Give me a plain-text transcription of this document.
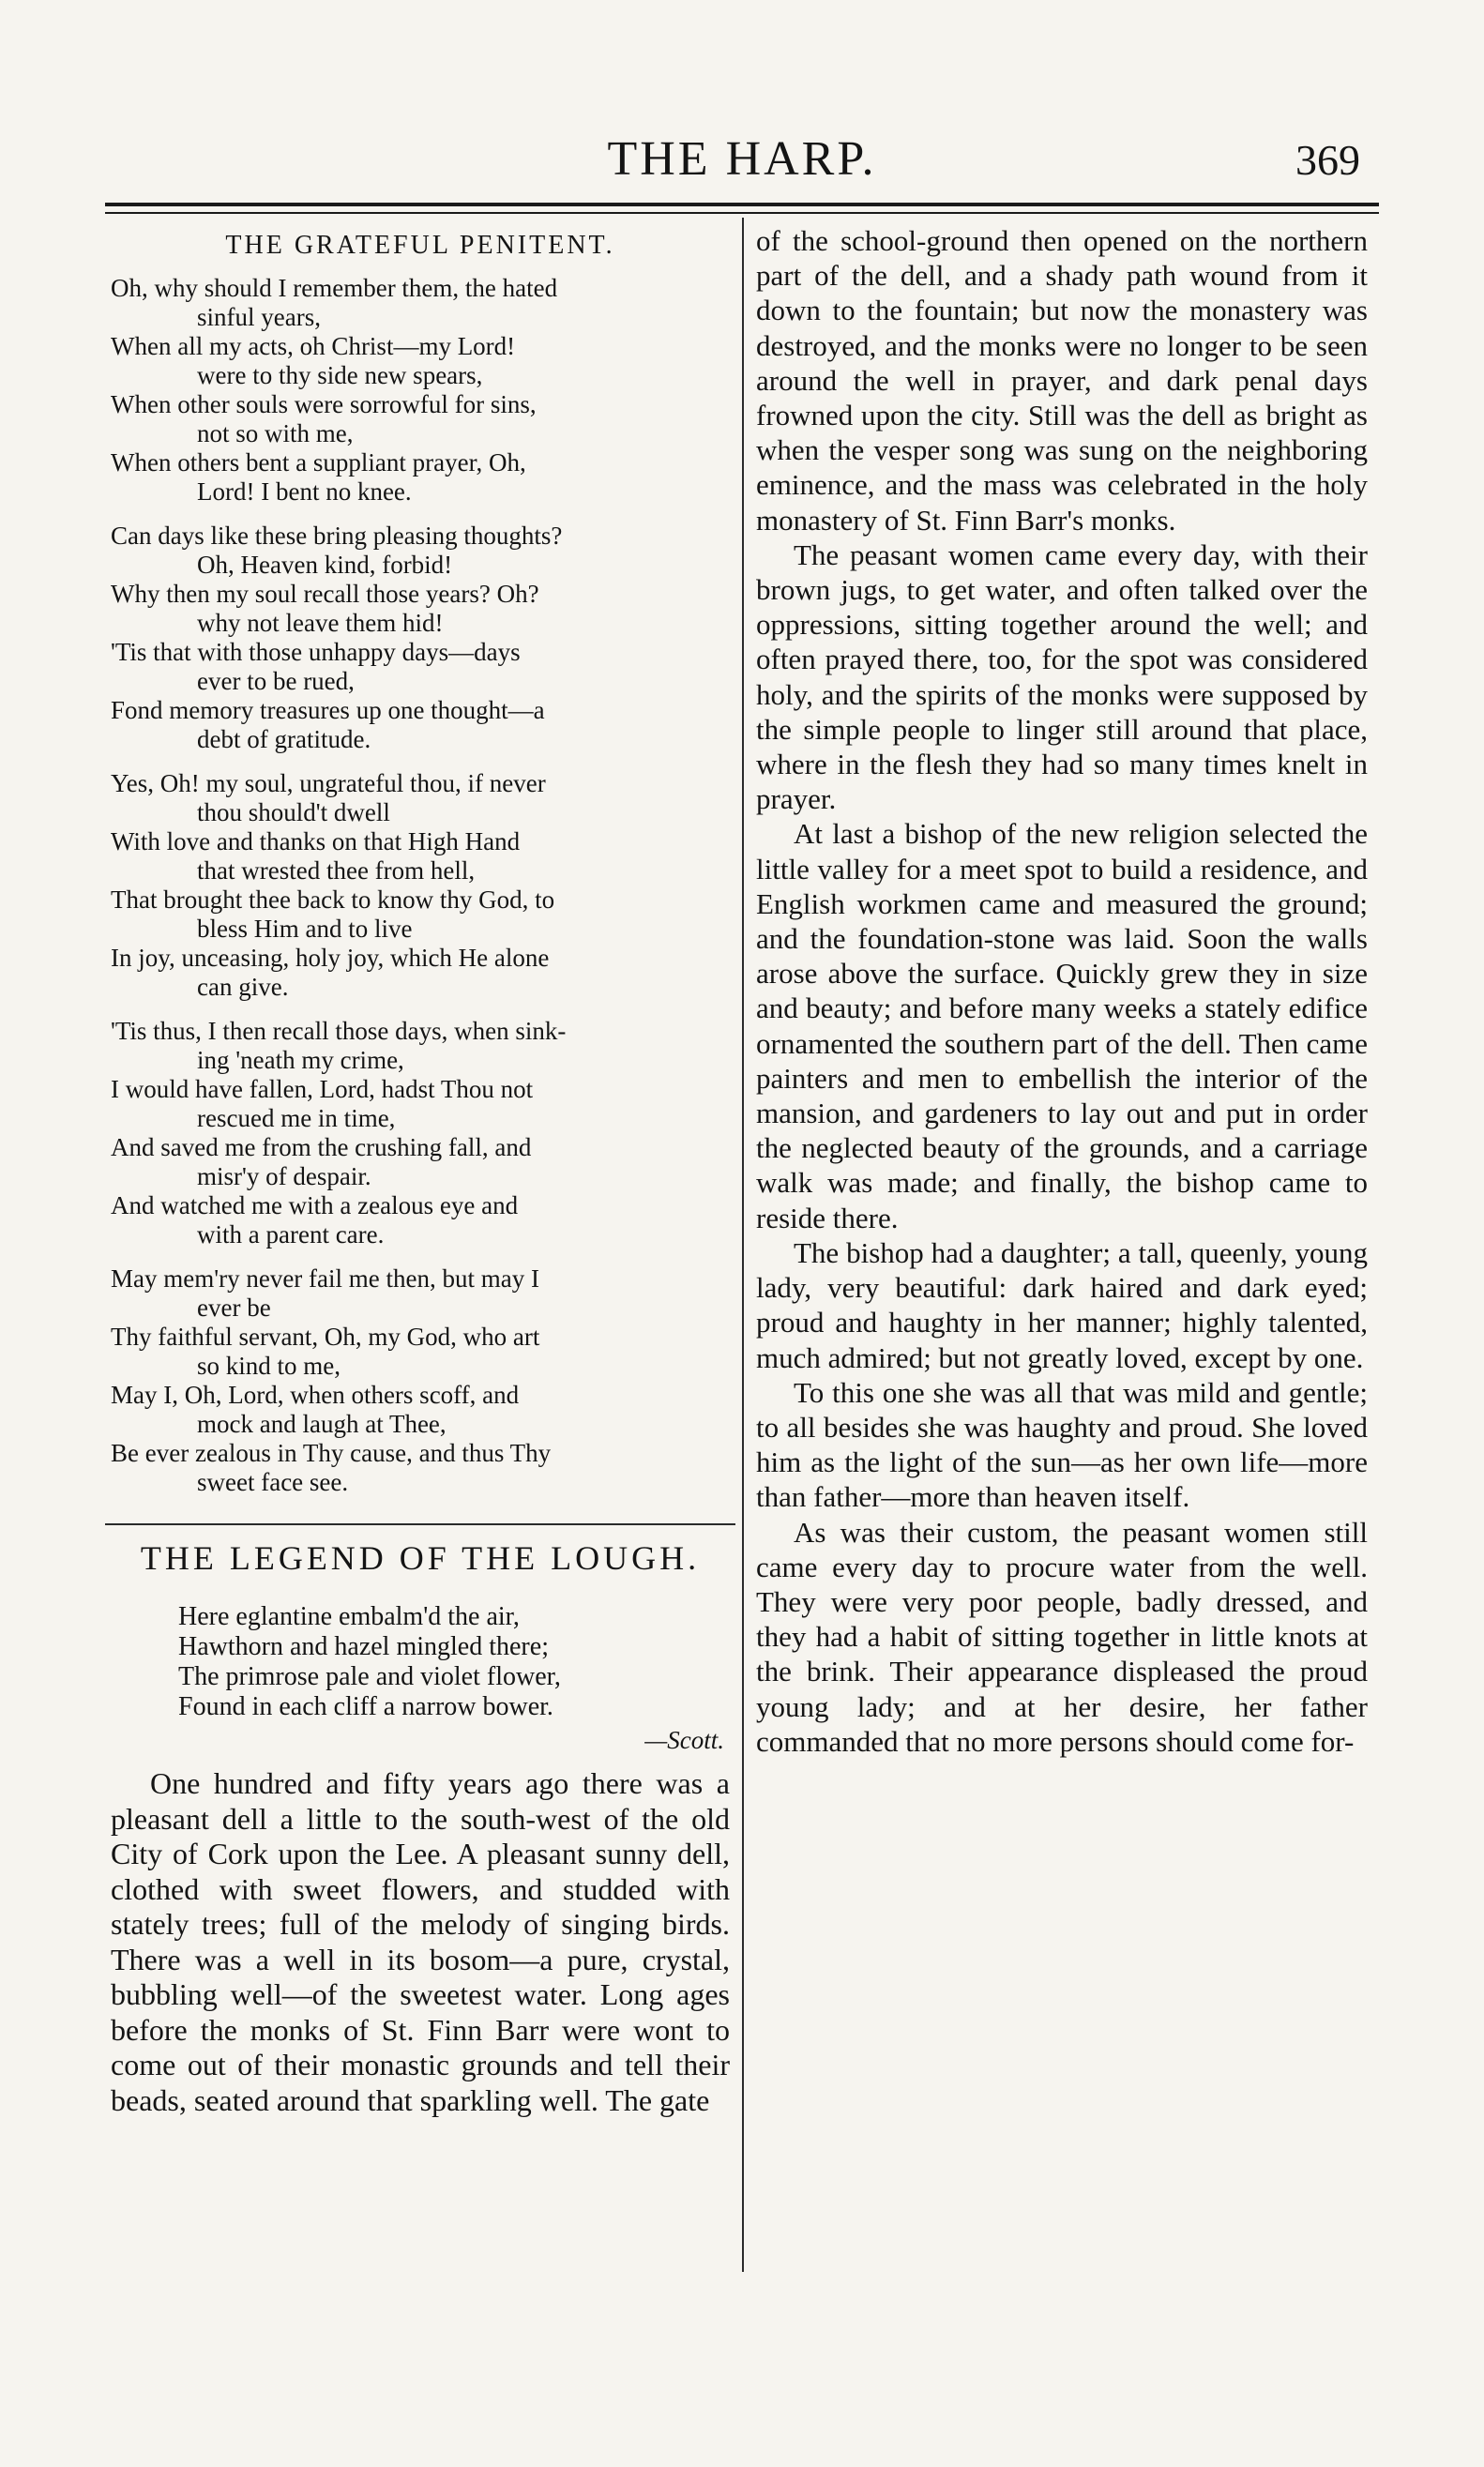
THE HARP.	369
THE GRATEFUL PENITENT.
Oh, why should I remember them, the hated
sinful years,
When all my acts, oh Christ—my Lord!
were to thy side new spears,
When other souls were sorrowful for sins,
not so with me,
When others bent a suppliant prayer, Oh,
Lord! I bent no knee.
Can days like these bring pleasing thoughts?
Oh, Heaven kind, forbid!
Why then my soul recall those years? Oh?
why not leave them hid!
'Tis that with those unhappy days—days
ever to be rued,
Fond memory treasures up one thought—a
debt of gratitude.
Yes, Oh! my soul, ungrateful thou, if never
thou should't dwell
With love and thanks on that High Hand
that wrested thee from hell,
That brought thee back to know thy God, to
bless Him and to live
In joy, unceasing, holy joy, which He alone
can give.
'Tis thus, I then recall those days, when sink-
ing 'neath my crime,
I would have fallen, Lord, hadst Thou not
rescued me in time,
And saved me from the crushing fall, and
misr'y of despair.
And watched me with a zealous eye and
with a parent care.
May mem'ry never fail me then, but may I
ever be
Thy faithful servant, Oh, my God, who art
so kind to me,
May I, Oh, Lord, when others scoff, and
mock and laugh at Thee,
Be ever zealous in Thy cause, and thus Thy
sweet face see.
THE LEGEND OF THE LOUGH.
Here eglantine embalm'd the air,
Hawthorn and hazel mingled there;
The primrose pale and violet flower,
Found in each cliff a narrow bower.
—Scott.

One hundred and fifty years ago there was a pleasant dell a little to the south-west of the old City of Cork upon the Lee. A pleasant sunny dell, clothed with sweet flowers, and studded with stately trees; full of the melody of singing birds. There was a well in its bosom—a pure, crystal, bubbling well—of the sweetest water. Long ages before the monks of St. Finn Barr were wont to come out of their monastic grounds and tell their beads, seated around that sparkling well. The gate

of the school-ground then opened on the northern part of the dell, and a shady path wound from it down to the fountain; but now the monastery was destroyed, and the monks were no longer to be seen around the well in prayer, and dark penal days frowned upon the city. Still was the dell as bright as when the vesper song was sung on the neighboring eminence, and the mass was celebrated in the holy monastery of St. Finn Barr's monks.

The peasant women came every day, with their brown jugs, to get water, and often talked over the oppressions, sitting together around the well; and often prayed there, too, for the spot was considered holy, and the spirits of the monks were supposed by the simple people to linger still around that place, where in the flesh they had so many times knelt in prayer.

At last a bishop of the new religion selected the little valley for a meet spot to build a residence, and English workmen came and measured the ground; and the foundation-stone was laid. Soon the walls arose above the surface. Quickly grew they in size and beauty; and before many weeks a stately edifice ornamented the southern part of the dell. Then came painters and men to embellish the interior of the mansion, and gardeners to lay out and put in order the neglected beauty of the grounds, and a carriage walk was made; and finally, the bishop came to reside there.

The bishop had a daughter; a tall, queenly, young lady, very beautiful: dark haired and dark eyed; proud and haughty in her manner; highly talented, much admired; but not greatly loved, except by one.

To this one she was all that was mild and gentle; to all besides she was haughty and proud. She loved him as the light of the sun—as her own life—more than father—more than heaven itself.

As was their custom, the peasant women still came every day to procure water from the well. They were very poor people, badly dressed, and they had a habit of sitting together in little knots at the brink. Their appearance displeased the proud young lady; and at her desire, her father commanded that no more persons should come for-
